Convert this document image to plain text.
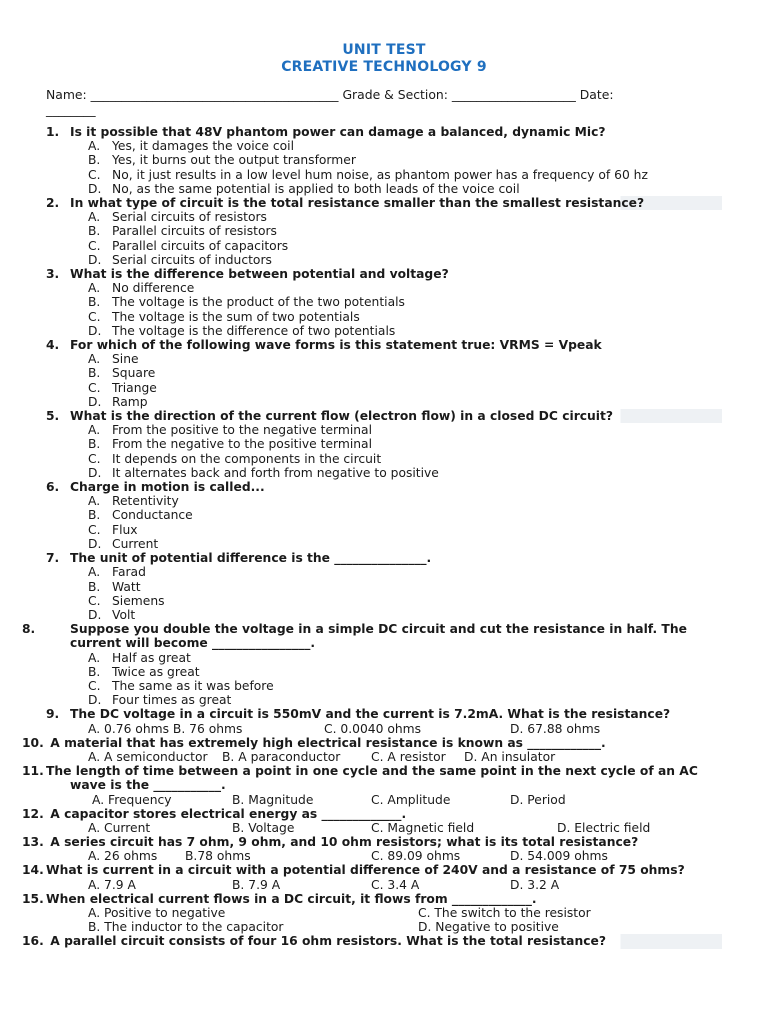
UNIT TEST
CREATIVE TECHNOLOGY 9
Name: ________________________________________ Grade & Section: ____________________ Date:
________
1. Is it possible that 48V phantom power can damage a balanced, dynamic Mic?
A. Yes, it damages the voice coil
B. Yes, it burns out the output transformer
C. No, it just results in a low level hum noise, as phantom power has a frequency of 60 hz
D. No, as the same potential is applied to both leads of the voice coil
2. In what type of circuit is the total resistance smaller than the smallest resistance?
A. Serial circuits of resistors
B. Parallel circuits of resistors
C. Parallel circuits of capacitors
D. Serial circuits of inductors
3. What is the difference between potential and voltage?
A. No difference
B. The voltage is the product of the two potentials
C. The voltage is the sum of two potentials
D. The voltage is the difference of two potentials
4. For which of the following wave forms is this statement true: VRMS = Vpeak
A. Sine
B. Square
C. Triange
D. Ramp
5. What is the direction of the current flow (electron flow) in a closed DC circuit?
A. From the positive to the negative terminal
B. From the negative to the positive terminal
C. It depends on the components in the circuit
D. It alternates back and forth from negative to positive
6. Charge in motion is called...
A. Retentivity
B. Conductance
C. Flux
D. Current
7. The unit of potential difference is the _______________.
A. Farad
B. Watt
C. Siemens
D. Volt
8.	Suppose you double the voltage in a simple DC circuit and cut the resistance in half. The current will become ________________.
A. Half as great
B. Twice as great
C. The same as it was before
D. Four times as great
9. The DC voltage in a circuit is 550mV and the current is 7.2mA. What is the resistance?
A. 0.76 ohms B. 76 ohms	C. 0.0040 ohms	D. 67.88 ohms
10. A material that has extremely high electrical resistance is known as ____________.
A. A semiconductor B. A paraconductor C. A resistor D. An insulator
11. The length of time between a point in one cycle and the same point in the next cycle of an AC wave is the ___________.
A. Frequency	B. Magnitude	C. Amplitude	D. Period
12. A capacitor stores electrical energy as _____________.
A. Current	B. Voltage	C. Magnetic field	D. Electric field
13. A series circuit has 7 ohm, 9 ohm, and 10 ohm resistors; what is its total resistance?
A. 26 ohms B.78 ohms	C. 89.09 ohms	D. 54.009 ohms
14. What is current in a circuit with a potential difference of 240V and a resistance of 75 ohms?
A. 7.9 A	B. 7.9 A	C. 3.4 A	D. 3.2 A
15. When electrical current flows in a DC circuit, it flows from _____________.
A. Positive to negative	C. The switch to the resistor
B. The inductor to the capacitor	D. Negative to positive
16. A parallel circuit consists of four 16 ohm resistors. What is the total resistance?
